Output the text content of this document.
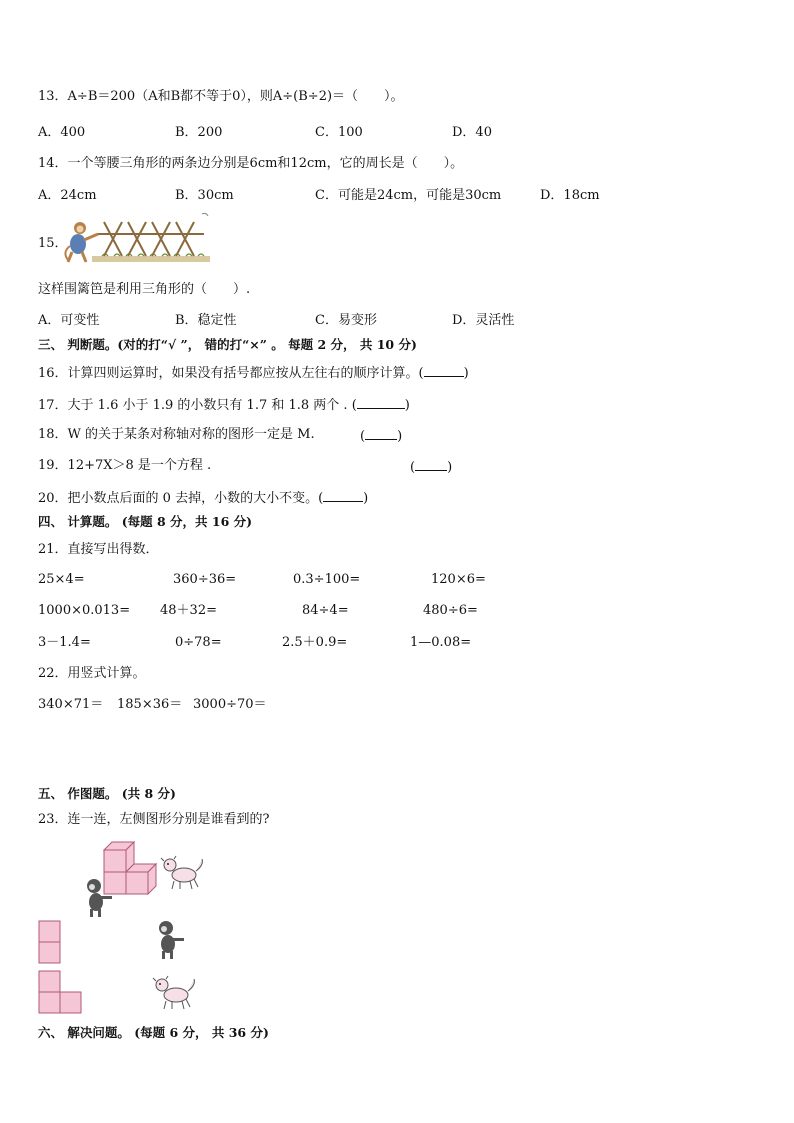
13．A÷B＝200（A和B都不等于0），则A÷(B÷2)＝（　　）。
A．400	B．200	C．100	D．40
14．一个等腰三角形的两条边分别是6cm和12cm，它的周长是（　　）。
A．24cm	B．30cm	C．可能是24cm，可能是30cm	D．18cm
15．
这样围篱笆是利用三角形的（　　）.
A．可变性	B．稳定性	C．易变形	D．灵活性
三、 判断题。(对的打“√ ”， 错的打“×” 。 每题 2 分， 共 10 分)
16．计算四则运算时，如果没有括号都应按从左往右的顺序计算。(	)
17．大于 1.6 小于 1.9 的小数只有 1.7 和 1.8 两个 . (	)
18．W 的关于某条对称轴对称的图形一定是 M.	( )
19．12+7X＞8 是一个方程 .	( )
20．把小数点后面的 0 去掉，小数的大小不变。(	)
四、 计算题。 (每题 8 分，共 16 分)
21．直接写出得数．
25×4=	360÷36=	0.3÷100=	120×6=
1000×0.013= 48＋32=	84÷4=	480÷6=
3－1.4=	0÷78=	2.5＋0.9=	1—0.08=
22．用竖式计算。
340×71＝ 185×36＝ 3000÷70＝
五、 作图题。 (共 8 分)
23．连一连，左侧图形分别是谁看到的?
六、 解决问题。 (每题 6 分， 共 36 分)
